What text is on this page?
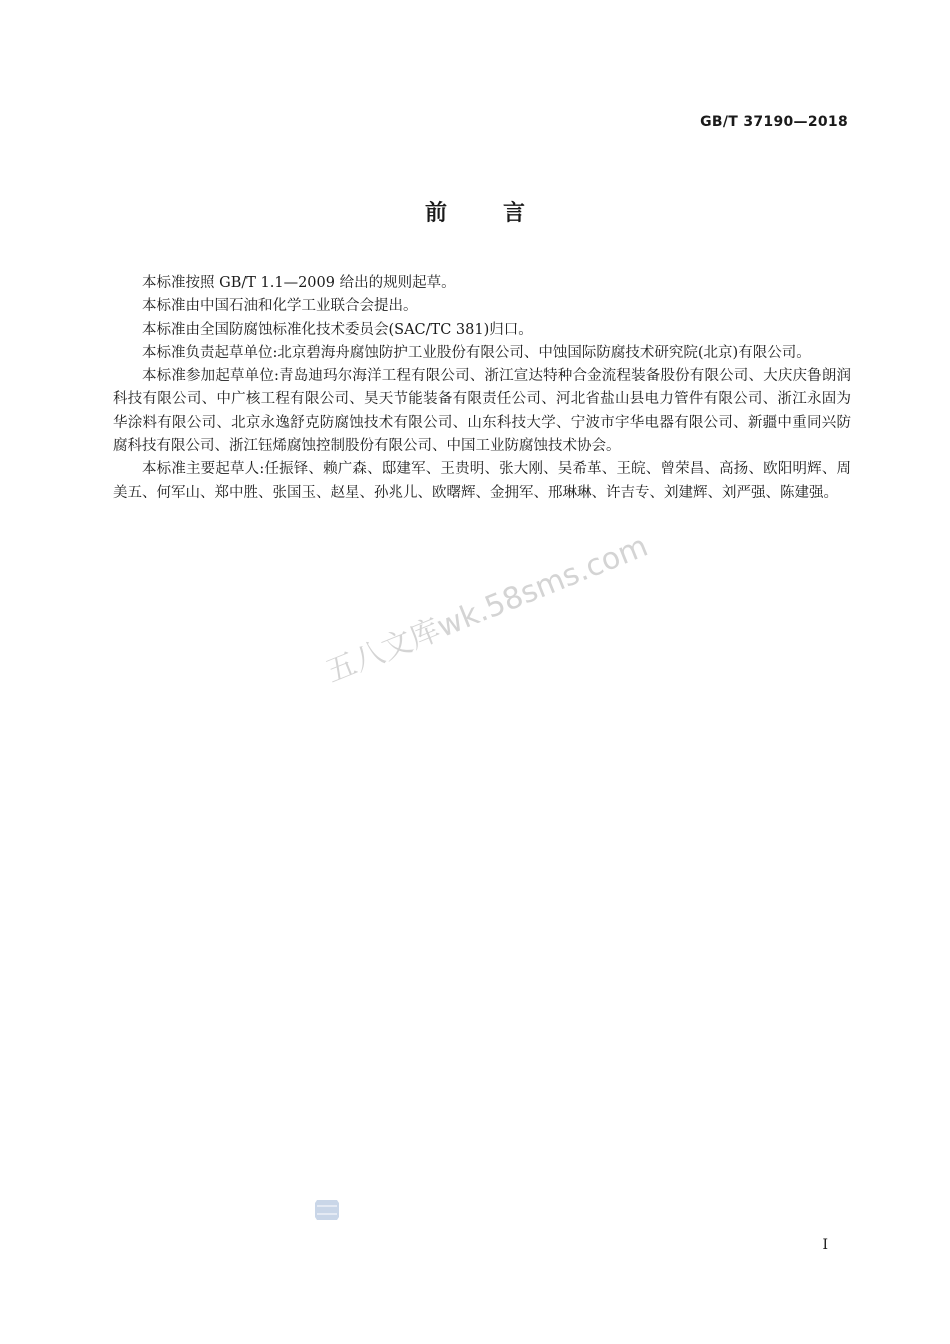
GB/T 37190—2018
前言

本标准按照 GB/T 1.1—2009 给出的规则起草。

本标准由中国石油和化学工业联合会提出。

本标准由全国防腐蚀标准化技术委员会(SAC/TC 381)归口。

本标准负责起草单位:北京碧海舟腐蚀防护工业股份有限公司、中蚀国际防腐技术研究院(北京)有限公司。

本标准参加起草单位:青岛迪玛尔海洋工程有限公司、浙江宣达特种合金流程装备股份有限公司、大庆庆鲁朗润科技有限公司、中广核工程有限公司、昊天节能装备有限责任公司、河北省盐山县电力管件有限公司、浙江永固为华涂料有限公司、北京永逸舒克防腐蚀技术有限公司、山东科技大学、宁波市宇华电器有限公司、新疆中重同兴防腐科技有限公司、浙江钰烯腐蚀控制股份有限公司、中国工业防腐蚀技术协会。

本标准主要起草人:任振铎、赖广森、邸建军、王贵明、张大刚、吴希革、王皖、曾荣昌、高扬、欧阳明辉、周美五、何军山、郑中胜、张国玉、赵星、孙兆儿、欧曙辉、金拥军、邢琳琳、许吉专、刘建辉、刘严强、陈建强。

五八文库wk.58sms.com
I
